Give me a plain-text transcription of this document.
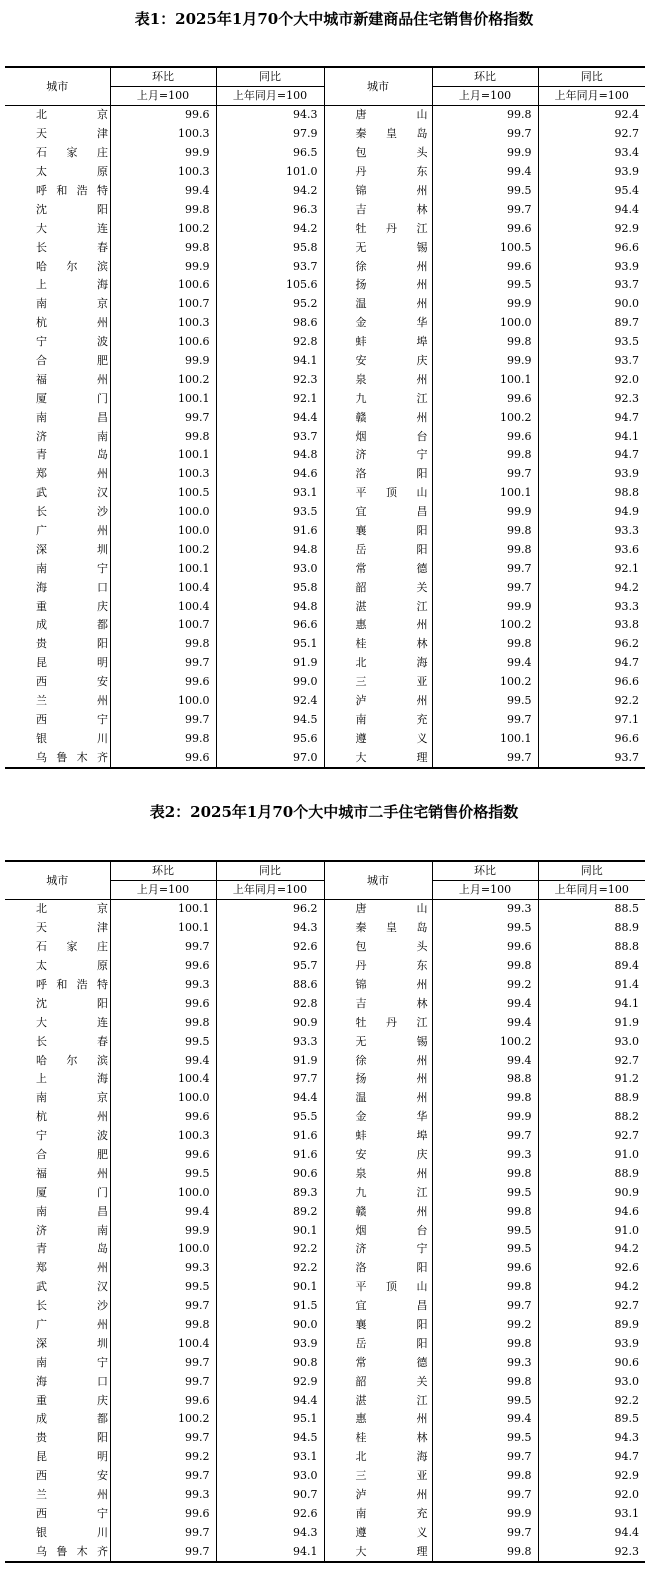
表1：2025年1月70个大中城市新建商品住宅销售价格指数
城市	环比	同比	城市	环比	同比
	上月=100	上年同月=100		上月=100	上年同月=100

北 京	99.6	94.3	唐 山	99.8	92.4

天 津	100.3	97.9	秦 皇 岛	99.7	92.7

石 家 庄	99.9	96.5	包 头	99.9	93.4

太 原	100.3	101.0	丹 东	99.4	93.9

呼 和 浩 特	99.4	94.2	锦 州	99.5	95.4

沈 阳	99.8	96.3	吉 林	99.7	94.4

大 连	100.2	94.2	牡 丹 江	99.6	92.9

长 春	99.8	95.8	无 锡	100.5	96.6

哈 尔 滨	99.9	93.7	徐 州	99.6	93.9

上 海	100.6	105.6	扬 州	99.5	93.7

南 京	100.7	95.2	温 州	99.9	90.0

杭 州	100.3	98.6	金 华	100.0	89.7

宁 波	100.6	92.8	蚌 埠	99.8	93.5

合 肥	99.9	94.1	安 庆	99.9	93.7

福 州	100.2	92.3	泉 州	100.1	92.0

厦 门	100.1	92.1	九 江	99.6	92.3

南 昌	99.7	94.4	赣 州	100.2	94.7

济 南	99.8	93.7	烟 台	99.6	94.1

青 岛	100.1	94.8	济 宁	99.8	94.7

郑 州	100.3	94.6	洛 阳	99.7	93.9

武 汉	100.5	93.1	平 顶 山	100.1	98.8

长 沙	100.0	93.5	宜 昌	99.9	94.9

广 州	100.0	91.6	襄 阳	99.8	93.3

深 圳	100.2	94.8	岳 阳	99.8	93.6

南 宁	100.1	93.0	常 德	99.7	92.1

海 口	100.4	95.8	韶 关	99.7	94.2

重 庆	100.4	94.8	湛 江	99.9	93.3

成 都	100.7	96.6	惠 州	100.2	93.8

贵 阳	99.8	95.1	桂 林	99.8	96.2

昆 明	99.7	91.9	北 海	99.4	94.7

西 安	99.6	99.0	三 亚	100.2	96.6

兰 州	100.0	92.4	泸 州	99.5	92.2

西 宁	99.7	94.5	南 充	99.7	97.1

银 川	99.8	95.6	遵 义	100.1	96.6

乌 鲁 木 齐	99.6	97.0	大 理	99.7	93.7
表2：2025年1月70个大中城市二手住宅销售价格指数
城市	环比	同比	城市	环比	同比
	上月=100	上年同月=100		上月=100	上年同月=100

北 京	100.1	96.2	唐 山	99.3	88.5

天 津	100.1	94.3	秦 皇 岛	99.5	88.9

石 家 庄	99.7	92.6	包 头	99.6	88.8

太 原	99.6	95.7	丹 东	99.8	89.4

呼 和 浩 特	99.3	88.6	锦 州	99.2	91.4

沈 阳	99.6	92.8	吉 林	99.4	94.1

大 连	99.8	90.9	牡 丹 江	99.4	91.9

长 春	99.5	93.3	无 锡	100.2	93.0

哈 尔 滨	99.4	91.9	徐 州	99.4	92.7

上 海	100.4	97.7	扬 州	98.8	91.2

南 京	100.0	94.4	温 州	99.8	88.9

杭 州	99.6	95.5	金 华	99.9	88.2

宁 波	100.3	91.6	蚌 埠	99.7	92.7

合 肥	99.6	91.6	安 庆	99.3	91.0

福 州	99.5	90.6	泉 州	99.8	88.9

厦 门	100.0	89.3	九 江	99.5	90.9

南 昌	99.4	89.2	赣 州	99.8	94.6

济 南	99.9	90.1	烟 台	99.5	91.0

青 岛	100.0	92.2	济 宁	99.5	94.2

郑 州	99.3	92.2	洛 阳	99.6	92.6

武 汉	99.5	90.1	平 顶 山	99.8	94.2

长 沙	99.7	91.5	宜 昌	99.7	92.7

广 州	99.8	90.0	襄 阳	99.2	89.9

深 圳	100.4	93.9	岳 阳	99.8	93.9

南 宁	99.7	90.8	常 德	99.3	90.6

海 口	99.7	92.9	韶 关	99.8	93.0

重 庆	99.6	94.4	湛 江	99.5	92.2

成 都	100.2	95.1	惠 州	99.4	89.5

贵 阳	99.7	94.5	桂 林	99.5	94.3

昆 明	99.2	93.1	北 海	99.7	94.7

西 安	99.7	93.0	三 亚	99.8	92.9

兰 州	99.3	90.7	泸 州	99.7	92.0

西 宁	99.6	92.6	南 充	99.9	93.1

银 川	99.7	94.3	遵 义	99.7	94.4

乌 鲁 木 齐	99.7	94.1	大 理	99.8	92.3
